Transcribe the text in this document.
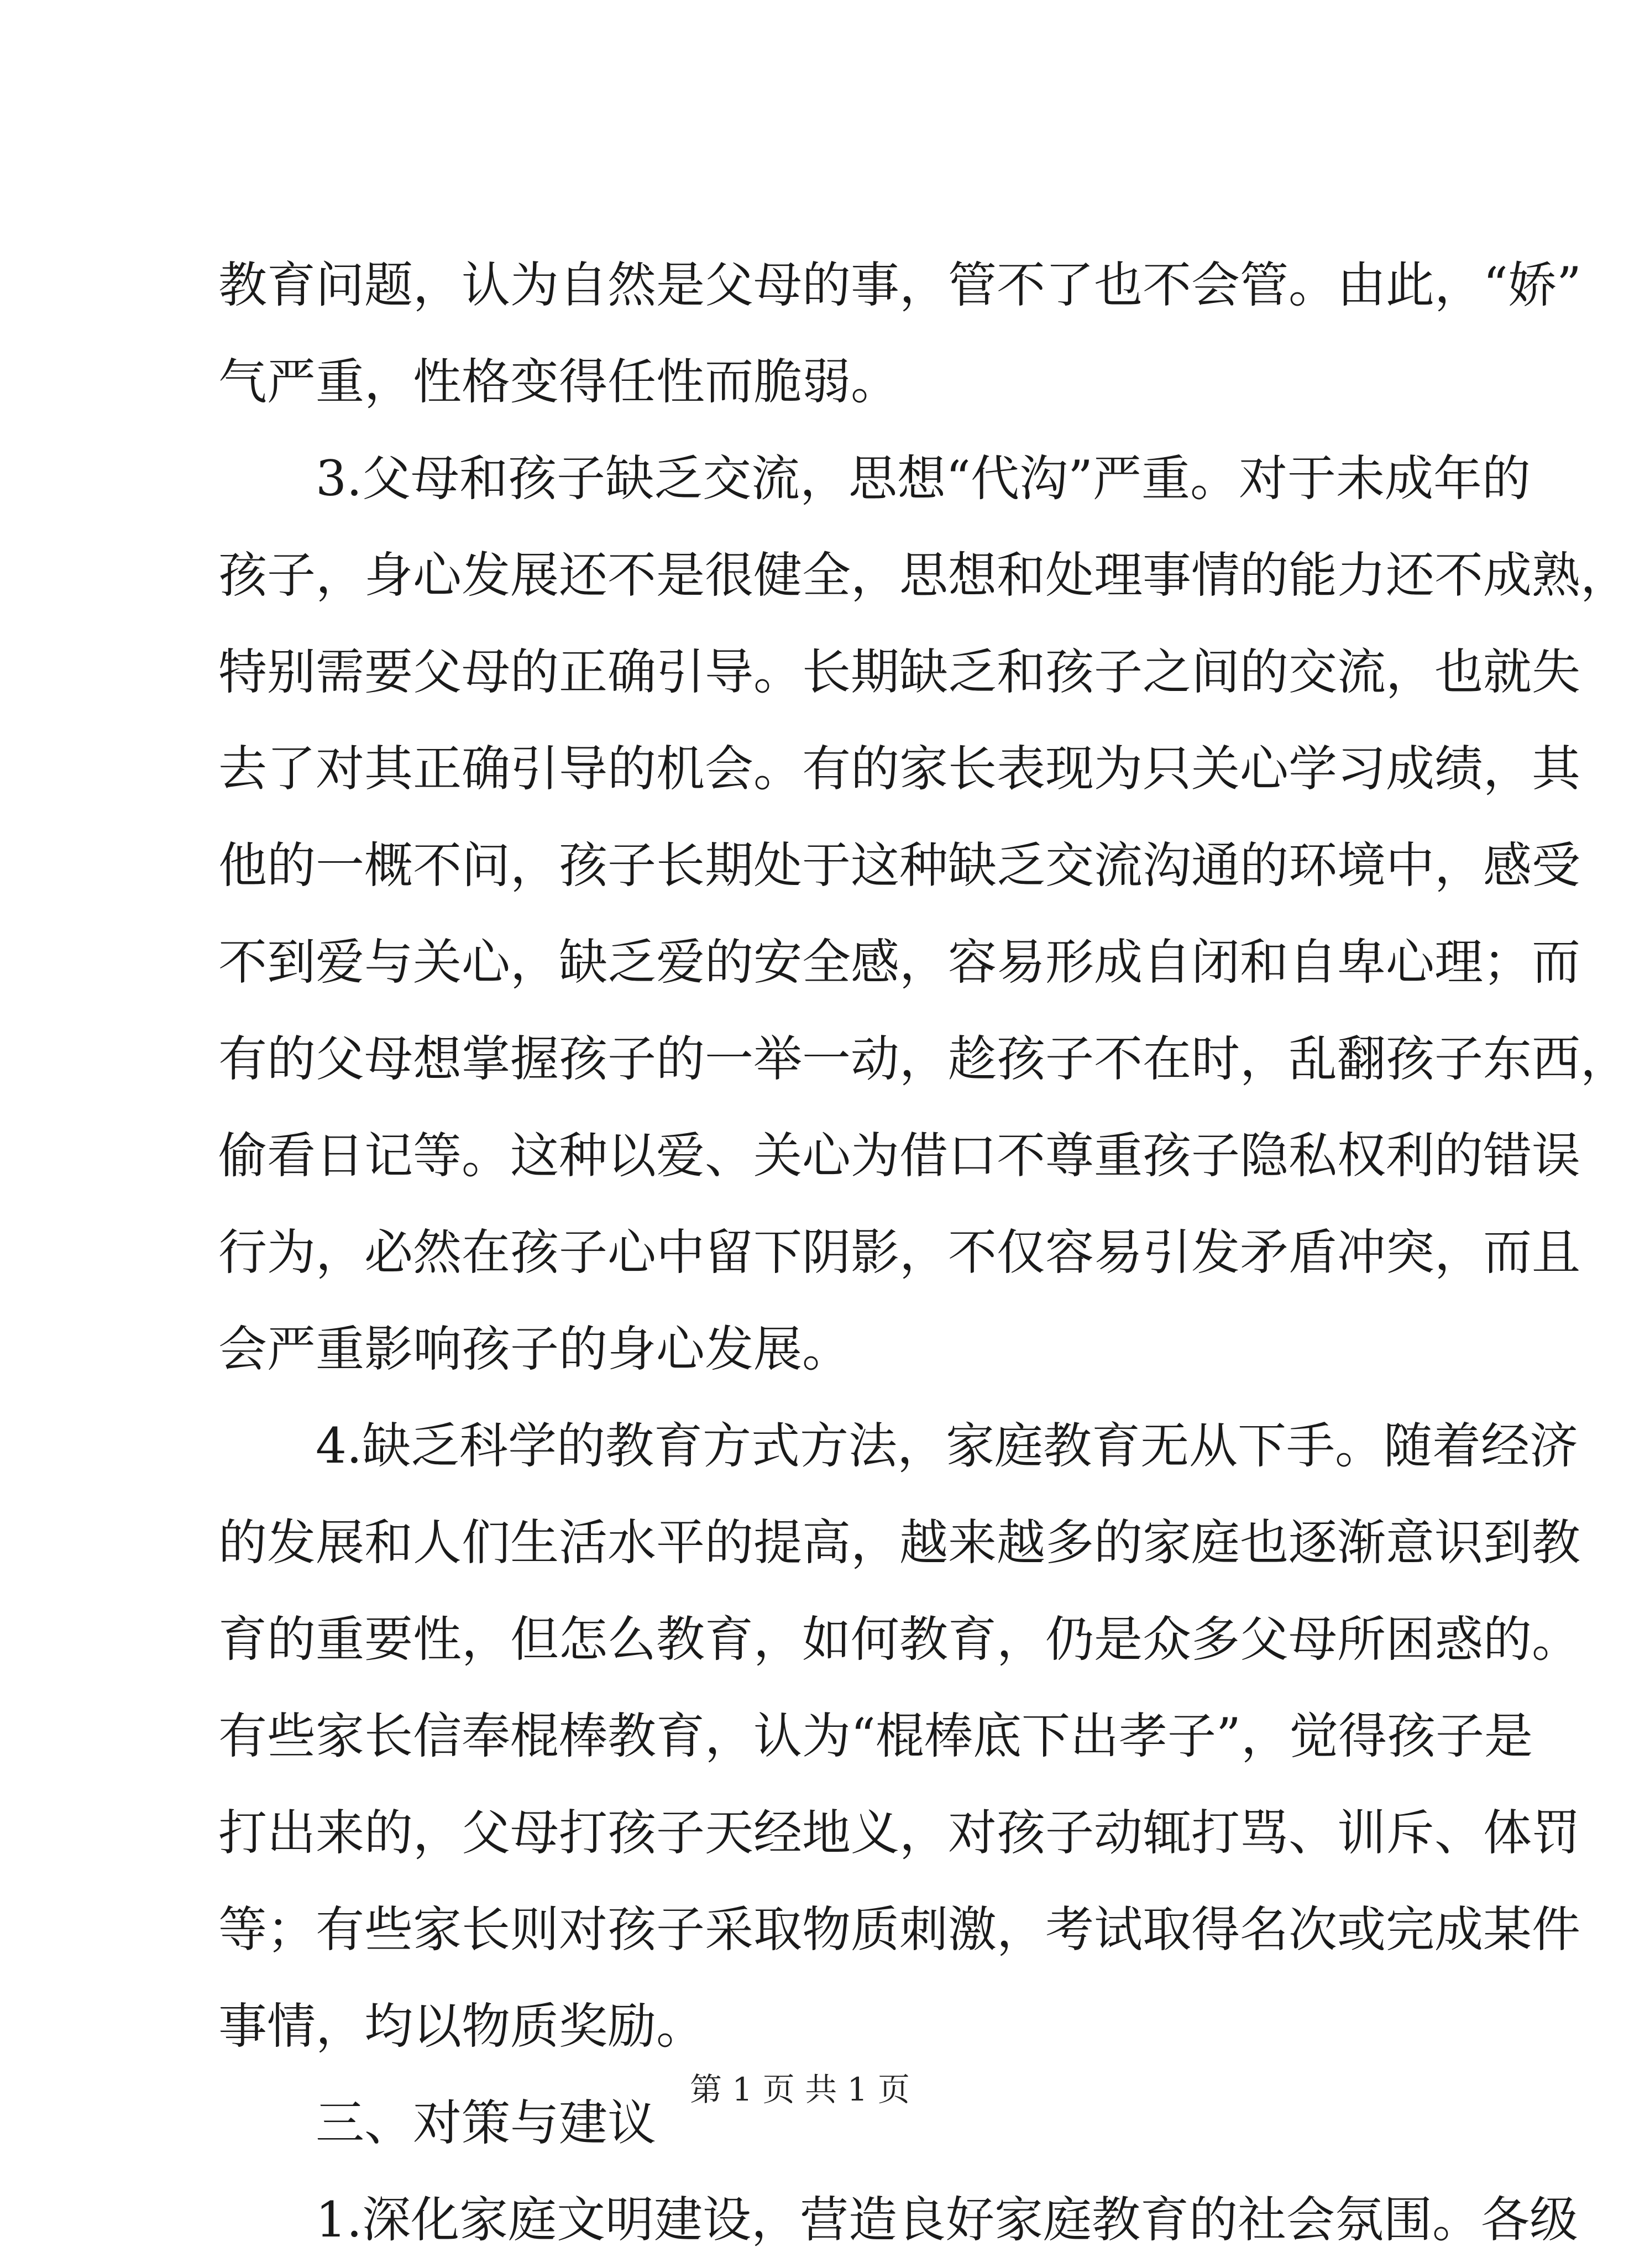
教育问题，认为自然是父母的事，管不了也不会管。由此，“娇”
气严重，性格变得任性而脆弱。
3.父母和孩子缺乏交流，思想“代沟”严重。对于未成年的
孩子，身心发展还不是很健全，思想和处理事情的能力还不成熟，
特别需要父母的正确引导。长期缺乏和孩子之间的交流，也就失
去了对其正确引导的机会。有的家长表现为只关心学习成绩，其
他的一概不问，孩子长期处于这种缺乏交流沟通的环境中，感受
不到爱与关心，缺乏爱的安全感，容易形成自闭和自卑心理；而
有的父母想掌握孩子的一举一动，趁孩子不在时，乱翻孩子东西，
偷看日记等。这种以爱、关心为借口不尊重孩子隐私权利的错误
行为，必然在孩子心中留下阴影，不仅容易引发矛盾冲突，而且
会严重影响孩子的身心发展。
4.缺乏科学的教育方式方法，家庭教育无从下手。随着经济
的发展和人们生活水平的提高，越来越多的家庭也逐渐意识到教
育的重要性，但怎么教育，如何教育，仍是众多父母所困惑的。
有些家长信奉棍棒教育，认为“棍棒底下出孝子”，觉得孩子是
打出来的，父母打孩子天经地义，对孩子动辄打骂、训斥、体罚
等；有些家长则对孩子采取物质刺激，考试取得名次或完成某件
事情，均以物质奖励。
三、对策与建议
1.深化家庭文明建设，营造良好家庭教育的社会氛围。各级
第 1 页 共 1 页
